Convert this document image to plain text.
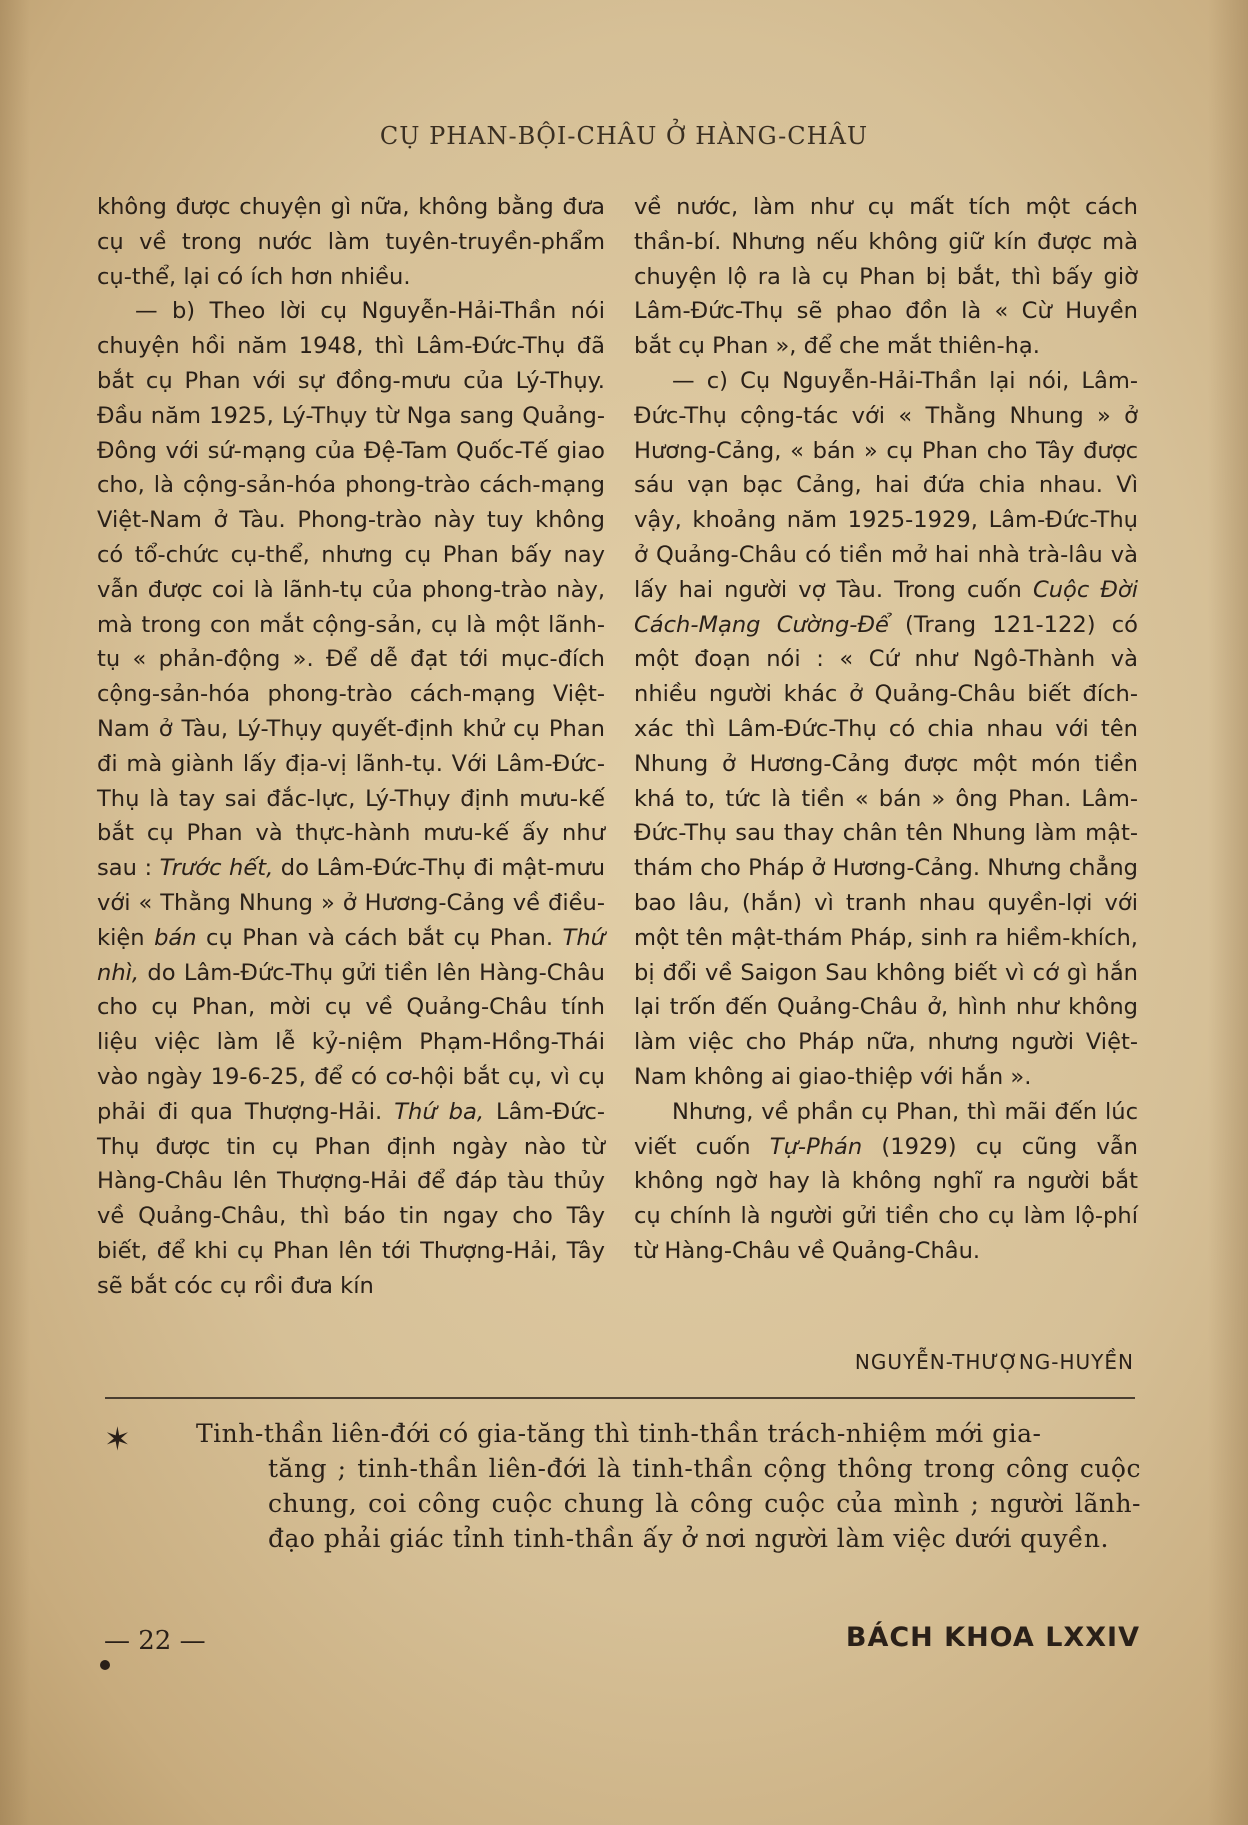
CỤ PHAN-BỘI-CHÂU Ở HÀNG-CHÂU

không được chuyện gì nữa, không bằng đưa cụ về trong nước làm tuyên-truyền-phẩm cụ-thể, lại có ích hơn nhiều.

— b) Theo lời cụ Nguyễn-Hải-Thần nói chuyện hồi năm 1948, thì Lâm-Đức-Thụ đã bắt cụ Phan với sự đồng-mưu của Lý-Thụy. Đầu năm 1925, Lý-Thụy từ Nga sang Quảng-Đông với sứ-mạng của Đệ-Tam Quốc-Tế giao cho, là cộng-sản-hóa phong-trào cách-mạng Việt-Nam ở Tàu. Phong-trào này tuy không có tổ-chức cụ-thể, nhưng cụ Phan bấy nay vẫn được coi là lãnh-tụ của phong-trào này, mà trong con mắt cộng-sản, cụ là một lãnh-tụ « phản-động ». Để dễ đạt tới mục-đích cộng-sản-hóa phong-trào cách-mạng Việt-Nam ở Tàu, Lý-Thụy quyết-định khử cụ Phan đi mà giành lấy địa-vị lãnh-tụ. Với Lâm-Đức-Thụ là tay sai đắc-lực, Lý-Thụy định mưu-kế bắt cụ Phan và thực-hành mưu-kế ấy như sau : Trước hết, do Lâm-Đức-Thụ đi mật-mưu với « Thằng Nhung » ở Hương-Cảng về điều-kiện bán cụ Phan và cách bắt cụ Phan. Thứ nhì, do Lâm-Đức-Thụ gửi tiền lên Hàng-Châu cho cụ Phan, mời cụ về Quảng-Châu tính liệu việc làm lễ kỷ-niệm Phạm-Hồng-Thái vào ngày 19-6-25, để có cơ-hội bắt cụ, vì cụ phải đi qua Thượng-Hải. Thứ ba, Lâm-Đức-Thụ được tin cụ Phan định ngày nào từ Hàng-Châu lên Thượng-Hải để đáp tàu thủy về Quảng-Châu, thì báo tin ngay cho Tây biết, để khi cụ Phan lên tới Thượng-Hải, Tây sẽ bắt cóc cụ rồi đưa kín

về nước, làm như cụ mất tích một cách thần-bí. Nhưng nếu không giữ kín được mà chuyện lộ ra là cụ Phan bị bắt, thì bấy giờ Lâm-Đức-Thụ sẽ phao đồn là « Cừ Huyền bắt cụ Phan », để che mắt thiên-hạ.

— c) Cụ Nguyễn-Hải-Thần lại nói, Lâm-Đức-Thụ cộng-tác với « Thằng Nhung » ở Hương-Cảng, « bán » cụ Phan cho Tây được sáu vạn bạc Cảng, hai đứa chia nhau. Vì vậy, khoảng năm 1925-1929, Lâm-Đức-Thụ ở Quảng-Châu có tiền mở hai nhà trà-lâu và lấy hai người vợ Tàu. Trong cuốn Cuộc Đời Cách-Mạng Cường-Để (Trang 121-122) có một đoạn nói : « Cứ như Ngô-Thành và nhiều người khác ở Quảng-Châu biết đích-xác thì Lâm-Đức-Thụ có chia nhau với tên Nhung ở Hương-Cảng được một món tiền khá to, tức là tiền « bán » ông Phan. Lâm-Đức-Thụ sau thay chân tên Nhung làm mật-thám cho Pháp ở Hương-Cảng. Nhưng chẳng bao lâu, (hắn) vì tranh nhau quyền-lợi với một tên mật-thám Pháp, sinh ra hiềm-khích, bị đổi về Saigon Sau không biết vì cớ gì hắn lại trốn đến Quảng-Châu ở, hình như không làm việc cho Pháp nữa, nhưng người Việt-Nam không ai giao-thiệp với hắn ».

Nhưng, về phần cụ Phan, thì mãi đến lúc viết cuốn Tự-Phán (1929) cụ cũng vẫn không ngờ hay là không nghĩ ra người bắt cụ chính là người gửi tiền cho cụ làm lộ-phí từ Hàng-Châu về Quảng-Châu.

NGUYỄN-THƯỢNG-HUYỀN
✶	Tinh-thần liên-đới có gia-tăng thì tinh-thần trách-nhiệm mới gia-
tăng ; tinh-thần liên-đới là tinh-thần cộng thông trong công cuộc chung, coi công cuộc chung là công cuộc của mình ; người lãnh-đạo phải giác tỉnh tinh-thần ấy ở nơi người làm việc dưới quyền.
— 22 —	BÁCH KHOA LXXIV
